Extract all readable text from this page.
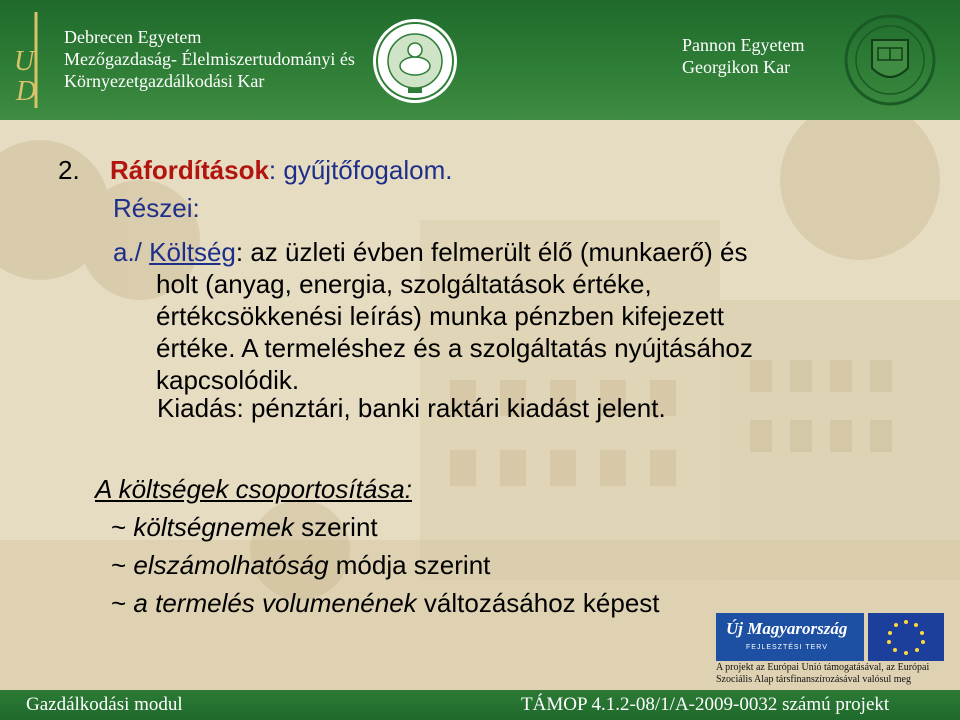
U
D
Debrecen Egyetem
Mezőgazdaság- Élelmiszertudományi és
Környezetgazdálkodási Kar
Pannon Egyetem
Georgikon Kar
2. Ráfordítások: gyűjtőfogalom.
Részei:

a./ Költség: az üzleti évben felmerült élő (munkaerő) és

holt (anyag, energia, szolgáltatások értéke,

értékcsökkenési leírás) munka pénzben kifejezett

értéke. A termeléshez és a szolgáltatás nyújtásához

kapcsolódik.

Kiadás: pénztári, banki raktári kiadást jelent.
A költségek csoportosítása:
~ költségnemek szerint
~ elszámolhatóság módja szerint
~ a termelés volumenének változásához képest
Új Magyarország
FEJLESZTÉSI TERV
A projekt az Európai Unió támogatásával, az Európai
Szociális Alap társfinanszírozásával valósul meg
Gazdálkodási modul	TÁMOP 4.1.2-08/1/A-2009-0032 számú projekt
